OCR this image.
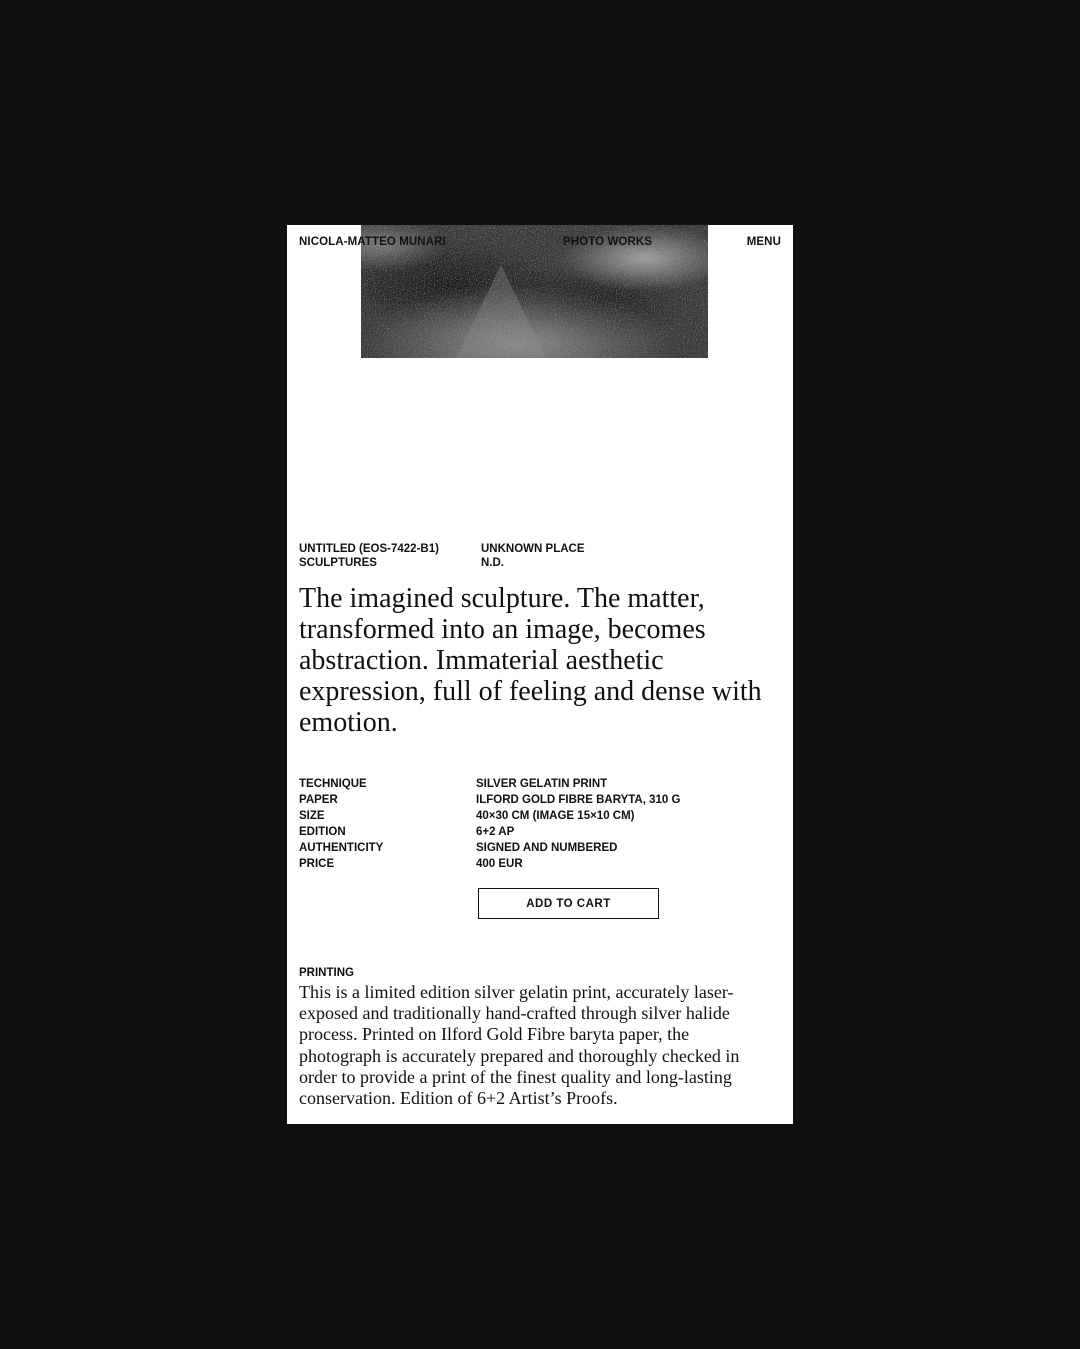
NICOLA-MATTEO MUNARI	PHOTO WORKS	MENU
UNTITLED (EOS-7422-B1)
SCULPTURES
UNKNOWN PLACE
N.D.

The imagined sculpture. The matter, transformed into an image, becomes abstraction. Immaterial aesthetic expression, full of feeling and dense with emotion.

TECHNIQUE	SILVER GELATIN PRINT
PAPER	ILFORD GOLD FIBRE BARYTA, 310 G
SIZE	40×30 CM (IMAGE 15×10 CM)
EDITION	6+2 AP
AUTHENTICITY	SIGNED AND NUMBERED
PRICE	400 EUR
ADD TO CART
PRINTING

This is a limited edition silver gelatin print, accurately laser-exposed and traditionally hand-crafted through silver halide process. Printed on Ilford Gold Fibre baryta paper, the photograph is accurately prepared and thoroughly checked in order to provide a print of the finest quality and long-lasting conservation. Edition of 6+2 Artist’s Proofs.
